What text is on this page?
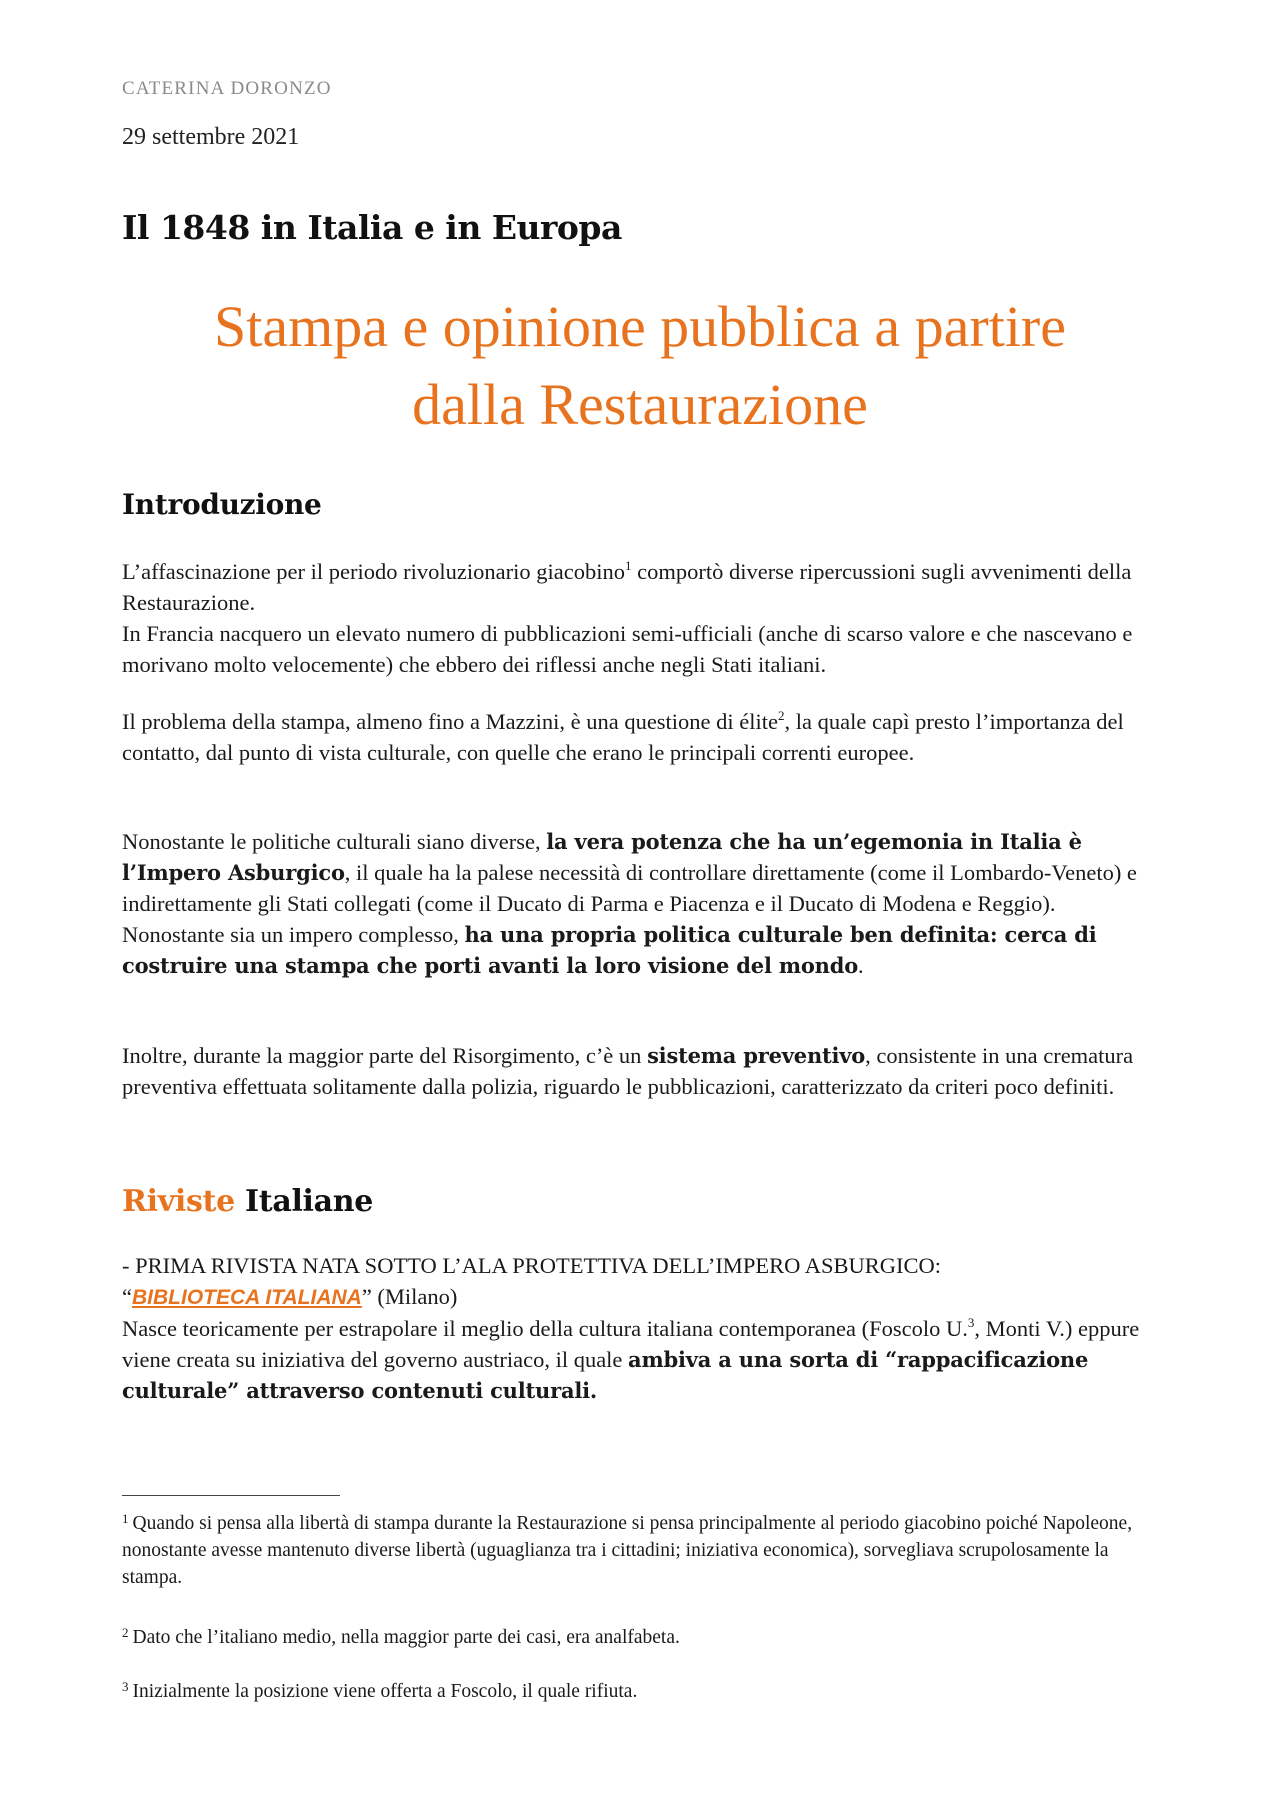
CATERINA DORONZO
29 settembre 2021
Il 1848 in Italia e in Europa
Stampa e opinione pubblica a partire
dalla Restaurazione
Introduzione

L’affascinazione per il periodo rivoluzionario giacobino$^1$ comportò diverse ripercussioni sugli avvenimenti della Restaurazione.

In Francia nacquero un elevato numero di pubblicazioni semi-ufficiali (anche di scarso valore e che nascevano e morivano molto velocemente) che ebbero dei riflessi anche negli Stati italiani.

Il problema della stampa, almeno fino a Mazzini, è una questione di élite$^2$, la quale capì presto l’importanza del contatto, dal punto di vista culturale, con quelle che erano le principali correnti europee.

Nonostante le politiche culturali siano diverse, la vera potenza che ha un’egemonia in Italia è l’Impero Asburgico, il quale ha la palese necessità di controllare direttamente (come il Lombardo-Veneto) e indirettamente gli Stati collegati (come il Ducato di Parma e Piacenza e il Ducato di Modena e Reggio).

Nonostante sia un impero complesso, ha una propria politica culturale ben definita: cerca di costruire una stampa che porti avanti la loro visione del mondo.

Inoltre, durante la maggior parte del Risorgimento, c’è un sistema preventivo, consistente in una crematura preventiva effettuata solitamente dalla polizia, riguardo le pubblicazioni, caratterizzato da criteri poco definiti.

Riviste Italiane

- PRIMA RIVISTA NATA SOTTO L’ALA PROTETTIVA DELL’IMPERO ASBURGICO:

“BIBLIOTECA ITALIANA” (Milano)

Nasce teoricamente per estrapolare il meglio della cultura italiana contemporanea (Foscolo U.$^3$, Monti V.) eppure viene creata su iniziativa del governo austriaco, il quale ambiva a una sorta di “rappacificazione culturale” attraverso contenuti culturali.

$^1$ Quando si pensa alla libertà di stampa durante la Restaurazione si pensa principalmente al periodo giacobino poiché Napoleone, nonostante avesse mantenuto diverse libertà (uguaglianza tra i cittadini; iniziativa economica), sorvegliava scrupolosamente la stampa.

$^2$ Dato che l’italiano medio, nella maggior parte dei casi, era analfabeta.

$^3$ Inizialmente la posizione viene offerta a Foscolo, il quale rifiuta.
